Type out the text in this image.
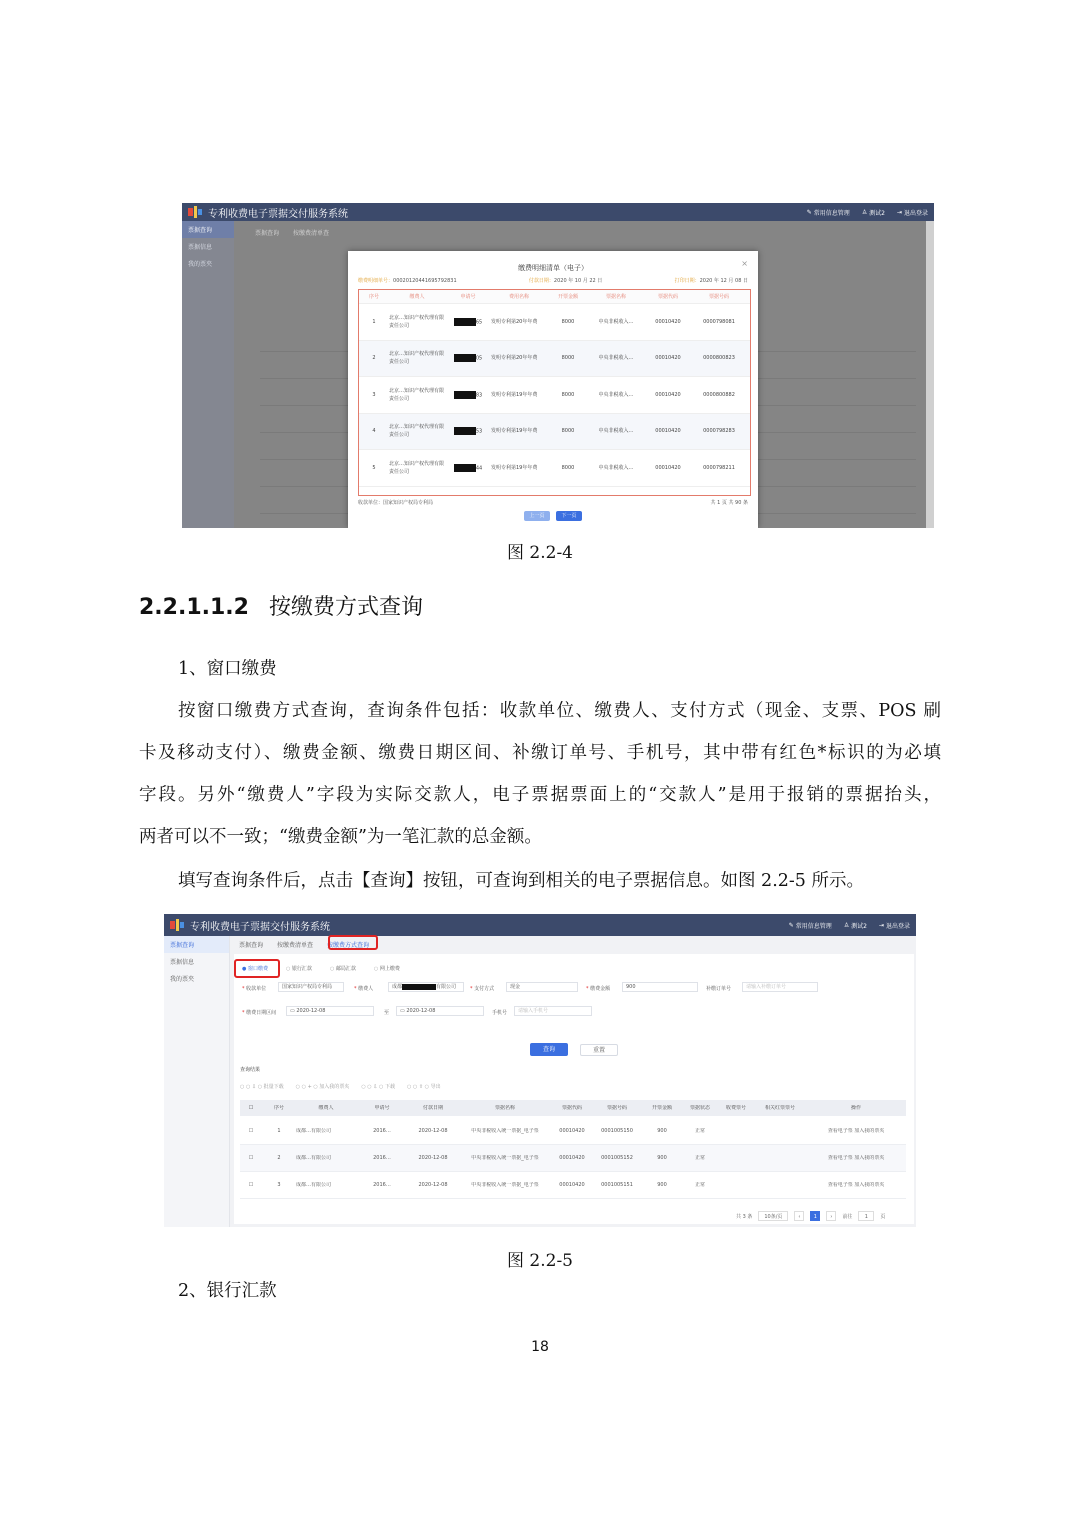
专利收费电子票据交付服务系统	✎ 常用信息管理 ♙ 测试2 ⇥ 退出登录
票据查询
票据信息
我的票夹
票据查询	按缴费清单查
缴费明细清单（电子）	×
缴费明细单号：00020120441695792831	付款日期：2020 年 10 月 22 日	打印日期：2020 年 12 月 08 日
序号	缴费人	申请号	费用名称	开票金额	票据名称	票据代码	票据号码
1
北京…知识产权代理有限责任公司
65	发明专利第20年年费	8000	中央非税收入…	00010420	0000798081
2
北京…知识产权代理有限责任公司
05	发明专利第20年年费	8000	中央非税收入…	00010420	0000800823
3
北京…知识产权代理有限责任公司
83	发明专利第19年年费	8000	中央非税收入…	00010420	0000800882
4
北京…知识产权代理有限责任公司
53	发明专利第19年年费	8000	中央非税收入…	00010420	0000798283
5
北京…知识产权代理有限责任公司
44	发明专利第19年年费	8000	中央非税收入…	00010420	0000798211
收款单位：国家知识产权局专利局	共 1 页 共 90 条
上一页	下一页
图 2.2-4
2.2.1.1.2 按缴费方式查询
1、窗口缴费
按窗口缴费方式查询，查询条件包括：收款单位、缴费人、支付方式（现金、支票、POS 刷
卡及移动支付）、缴费金额、缴费日期区间、补缴订单号、手机号，其中带有红色*标识的为必填
字段。另外“缴费人”字段为实际交款人，电子票据票面上的“交款人”是用于报销的票据抬头，
两者可以不一致；“缴费金额”为一笔汇款的总金额。
填写查询条件后，点击【查询】按钮，可查询到相关的电子票据信息。如图 2.2-5 所示。
专利收费电子票据交付服务系统	✎ 常用信息管理 ♙ 测试2 ⇥ 退出登录
票据查询
票据信息
我的票夹
票据查询	按缴费清单查	按缴费方式查询
● 窗口缴费	○ 银行汇款	○ 邮局汇款	○ 网上缴费
* 收款单位	国家知识产权局专利局	* 缴费人	成都	有限公司	* 支付方式	现金	* 缴费金额	900	补缴订单号	请输入补缴订单号
* 缴费日期区间	▭ 2020-12-08	至	▭ 2020-12-08	手机号	请输入手机号
查询	重置
查询结果
○ ○ ⇩ ○ 批量下载	○ ○ + ○ 加入我的票夹	○ ○ ⇩ ○ 下载	○ ○ ⇪ ○ 导出
☐	序号	缴费人	申请号	付款日期	票据名称	票据代码	票据号码	开票金额	票据状态	收费票号	相关红票票号	操作
共 3 条	10条/页	‹	1	›	前往	1	页
☐	1	成都…有限公司	2016…	2020-12-08	中央非税收入统一票据_电子票	00010420	0001005150	900	正常	查看电子票 加入我的票夹
☐	2	成都…有限公司	2016…	2020-12-08	中央非税收入统一票据_电子票	00010420	0001005152	900	正常	查看电子票 加入我的票夹
☐	3	成都…有限公司	2016…	2020-12-08	中央非税收入统一票据_电子票	00010420	0001005151	900	正常	查看电子票 加入我的票夹
图 2.2-5
2、银行汇款
18
